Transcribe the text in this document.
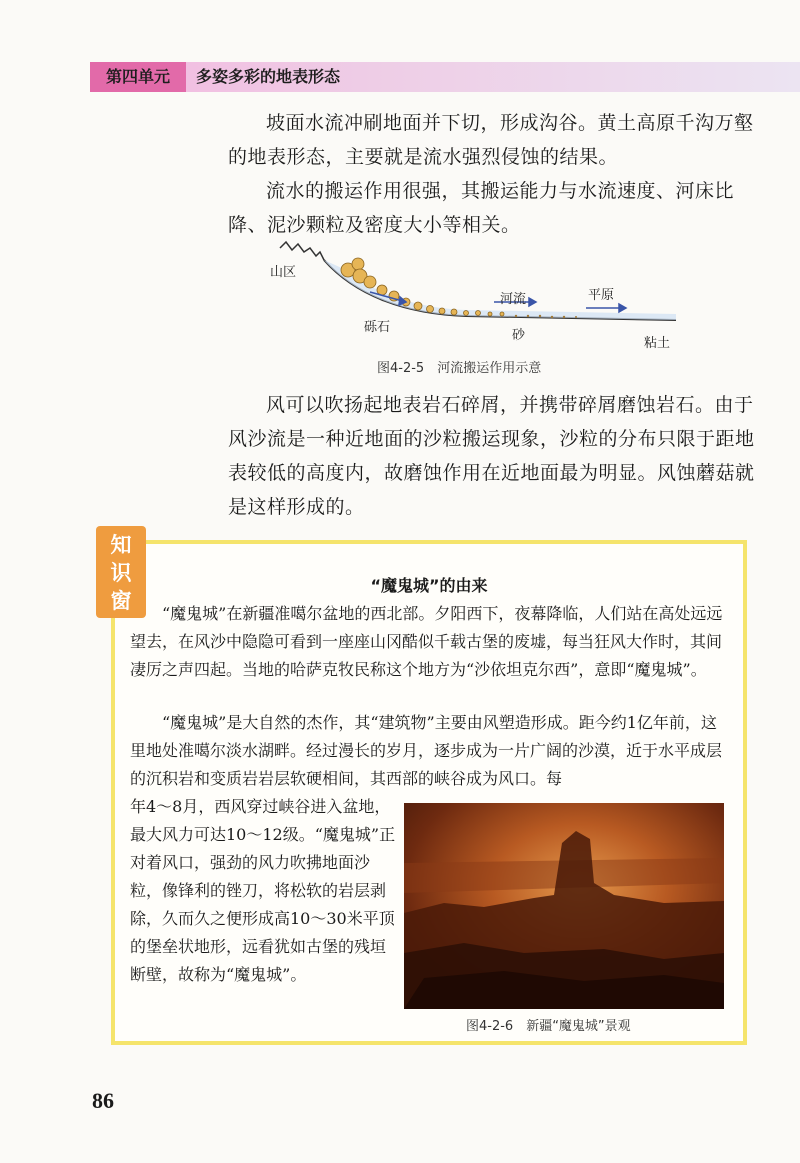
第四单元	多姿多彩的地表形态

坡面水流冲刷地面并下切，形成沟谷。黄土高原千沟万壑的地表形态，主要就是流水强烈侵蚀的结果。

流水的搬运作用很强，其搬运能力与水流速度、河床比降、泥沙颗粒及密度大小等相关。

山区
河流	平原
砾石
砂
粘土
图4-2-5　河流搬运作用示意

风可以吹扬起地表岩石碎屑，并携带碎屑磨蚀岩石。由于风沙流是一种近地面的沙粒搬运现象，沙粒的分布只限于距地表较低的高度内，故磨蚀作用在近地面最为明显。风蚀蘑菇就是这样形成的。

知识窗
“魔鬼城”的由来

“魔鬼城”在新疆准噶尔盆地的西北部。夕阳西下，夜幕降临，人们站在高处远远望去，在风沙中隐隐可看到一座座山冈酷似千载古堡的废墟，每当狂风大作时，其间凄厉之声四起。当地的哈萨克牧民称这个地方为“沙依坦克尔西”，意即“魔鬼城”。

“魔鬼城”是大自然的杰作，其“建筑物”主要由风塑造形成。距今约1亿年前，这里地处准噶尔淡水湖畔。经过漫长的岁月，逐步成为一片广阔的沙漠，近于水平成层的沉积岩和变质岩岩层软硬相间，其西部的峡谷成为风口。每

年4～8月，西风穿过峡谷进入盆地，最大风力可达10～12级。“魔鬼城”正对着风口，强劲的风力吹拂地面沙粒，像锋利的锉刀，将松软的岩层剥除，久而久之便形成高10～30米平顶的堡垒状地形，远看犹如古堡的残垣断壁，故称为“魔鬼城”。

图4-2-6　新疆“魔鬼城”景观
86
